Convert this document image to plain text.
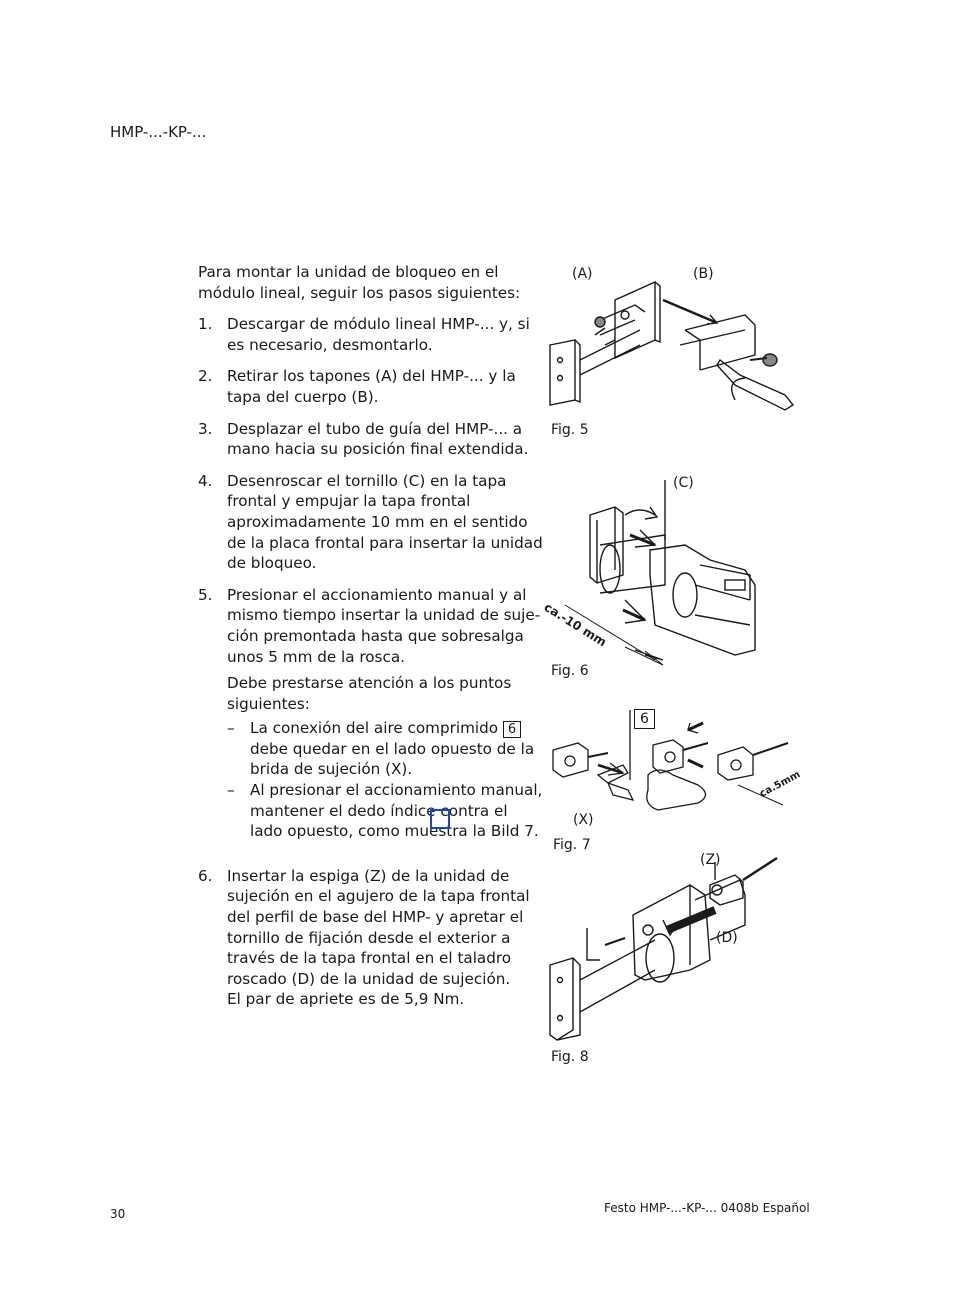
HMP-...-KP-...

Para montar la unidad de bloqueo en el módulo lineal, seguir los pasos siguientes:

1. Descargar de módulo lineal HMP-... y, si es necesario, desmontarlo.
2. Retirar los tapones (A) del HMP-... y la tapa del cuerpo (B).
3. Desplazar el tubo de guía del HMP-... a mano hacia su posición final extendida.
4. Desenroscar el tornillo (C) en la tapa frontal y empujar la tapa frontal aproximadamente 10 mm en el sentido de la placa frontal para insertar la unidad de bloqueo.
5. Presionar el accionamiento manual y al mismo tiempo insertar la unidad de sujeción premontada hasta que sobresalga unos 5 mm de la rosca.

Debe prestarse atención a los puntos siguientes:

– La conexión del aire comprimido 6 debe quedar en el lado opuesto de la brida de sujeción (X).
– Al presionar el accionamiento manual, mantener el dedo índice contra el lado opuesto, como muestra la Bild 7.
6. Insertar la espiga (Z) de la unidad de sujeción en el agujero de la tapa frontal del perfil de base del HMP- y apretar el tornillo de fijación desde el exterior a través de la tapa frontal en el taladro roscado (D) de la unidad de sujeción.
El par de apriete es de 5,9 Nm.
(A)	(B)
Fig. 5
(C)
ca.-10 mm
Fig. 6
6
(X)
ca.5mm
Fig. 7
(Z)
(D)
Fig. 8
30	Festo HMP-...-KP-... 0408b Español
